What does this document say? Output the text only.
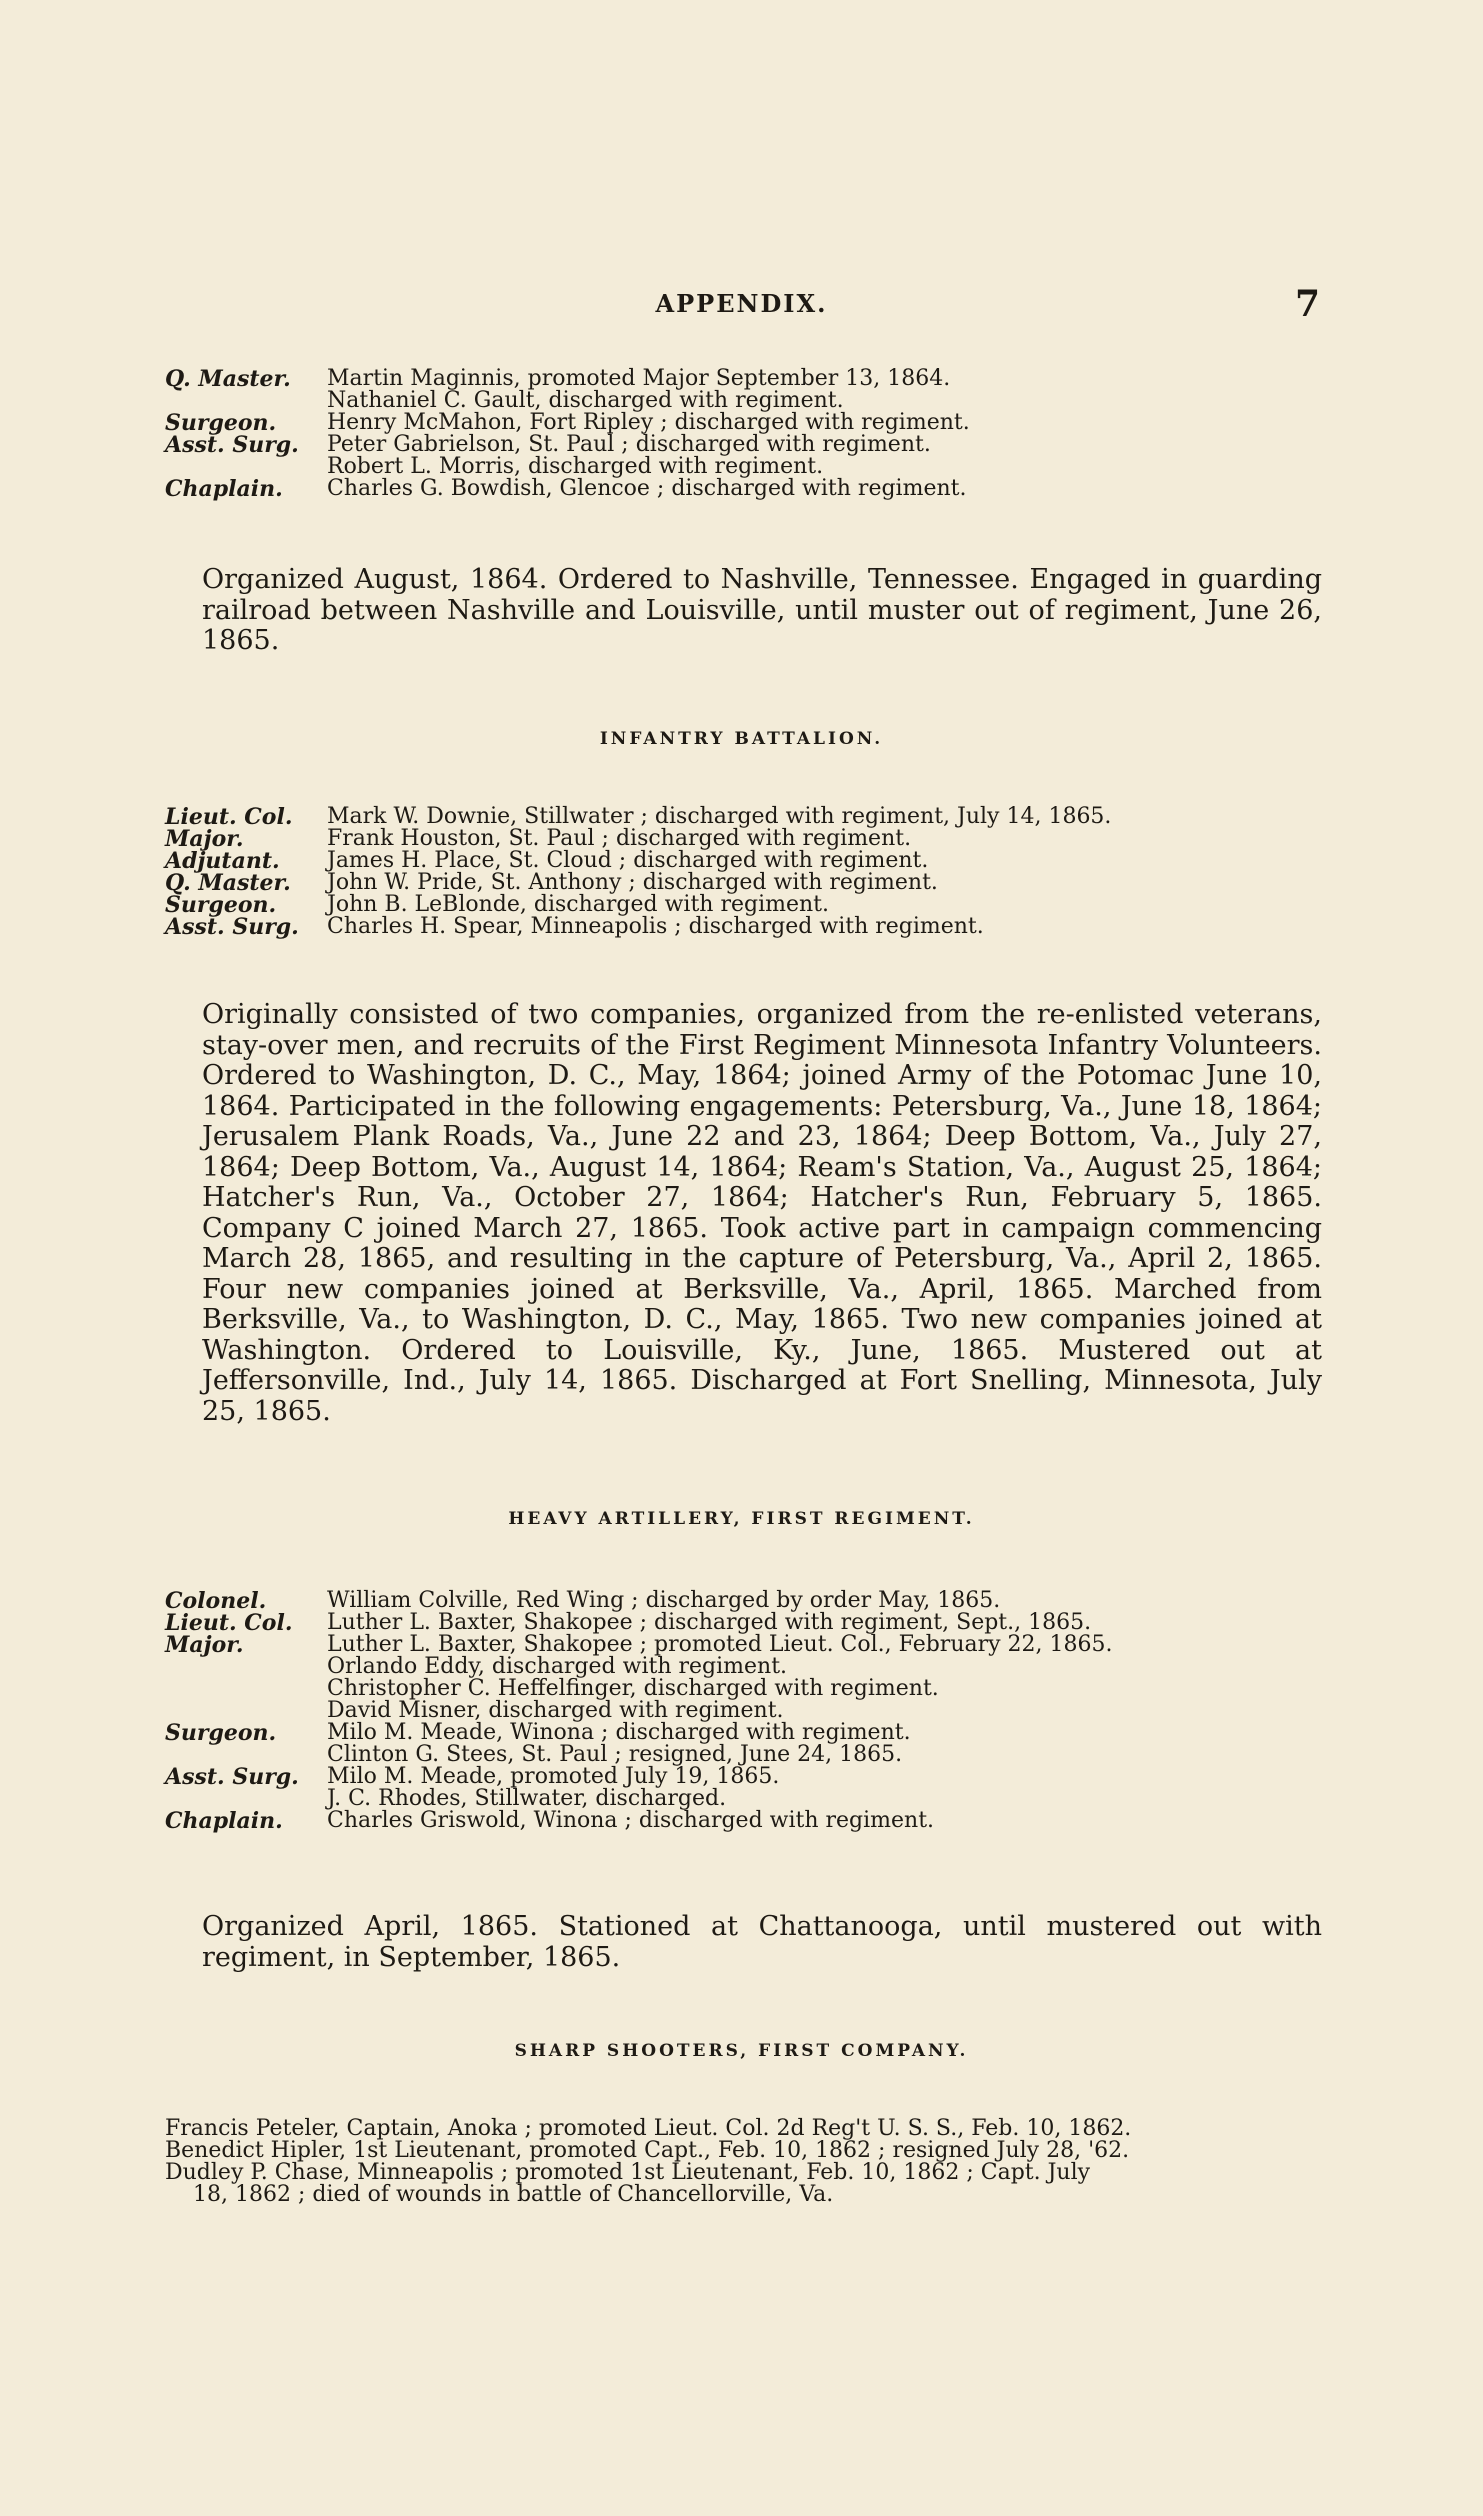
APPENDIX.	7
Q. Master.	Martin Maginnis, promoted Major September 13, 1864.
Nathaniel C. Gault, discharged with regiment.
Surgeon.	Henry McMahon, Fort Ripley ; discharged with regiment.
Asst. Surg.	Peter Gabrielson, St. Paul ; discharged with regiment.
Robert L. Morris, discharged with regiment.
Chaplain.	Charles G. Bowdish, Glencoe ; discharged with regiment.

Organized August, 1864. Ordered to Nashville, Tennessee. Engaged in guarding railroad between Nashville and Louisville, until muster out of regiment, June 26, 1865.

INFANTRY BATTALION.
Lieut. Col.	Mark W. Downie, Stillwater ; discharged with regiment, July 14, 1865.
Major.	Frank Houston, St. Paul ; discharged with regiment.
Adjutant.	James H. Place, St. Cloud ; discharged with regiment.
Q. Master.	John W. Pride, St. Anthony ; discharged with regiment.
Surgeon.	John B. LeBlonde, discharged with regiment.
Asst. Surg.	Charles H. Spear, Minneapolis ; discharged with regiment.

Originally consisted of two companies, organized from the re-enlisted veterans, stay-over men, and recruits of the First Regiment Minnesota Infantry Volunteers. Ordered to Washington, D. C., May, 1864; joined Army of the Potomac June 10, 1864. Participated in the following engagements: Petersburg, Va., June 18, 1864; Jerusalem Plank Roads, Va., June 22 and 23, 1864; Deep Bottom, Va., July 27, 1864; Deep Bottom, Va., August 14, 1864; Ream's Station, Va., August 25, 1864; Hatcher's Run, Va., October 27, 1864; Hatcher's Run, February 5, 1865. Company C joined March 27, 1865. Took active part in campaign commencing March 28, 1865, and resulting in the capture of Petersburg, Va., April 2, 1865. Four new companies joined at Berksville, Va., April, 1865. Marched from Berksville, Va., to Washington, D. C., May, 1865. Two new companies joined at Washington. Ordered to Louisville, Ky., June, 1865. Mustered out at Jeffersonville, Ind., July 14, 1865. Discharged at Fort Snelling, Minnesota, July 25, 1865.

HEAVY ARTILLERY, FIRST REGIMENT.
Colonel.	William Colville, Red Wing ; discharged by order May, 1865.
Lieut. Col.	Luther L. Baxter, Shakopee ; discharged with regiment, Sept., 1865.
Major.	Luther L. Baxter, Shakopee ; promoted Lieut. Col., February 22, 1865.
Orlando Eddy, discharged with regiment.
Christopher C. Heffelfinger, discharged with regiment.
David Misner, discharged with regiment.
Surgeon.	Milo M. Meade, Winona ; discharged with regiment.
Clinton G. Stees, St. Paul ; resigned, June 24, 1865.
Asst. Surg.	Milo M. Meade, promoted July 19, 1865.
J. C. Rhodes, Stillwater, discharged.
Chaplain.	Charles Griswold, Winona ; discharged with regiment.

Organized April, 1865. Stationed at Chattanooga, until mustered out with regiment, in September, 1865.

SHARP SHOOTERS, FIRST COMPANY.
Francis Peteler, Captain, Anoka ; promoted Lieut. Col. 2d Reg't U. S. S., Feb. 10, 1862.
Benedict Hipler, 1st Lieutenant, promoted Capt., Feb. 10, 1862 ; resigned July 28, '62.
Dudley P. Chase, Minneapolis ; promoted 1st Lieutenant, Feb. 10, 1862 ; Capt. July
18, 1862 ; died of wounds in battle of Chancellorville, Va.
